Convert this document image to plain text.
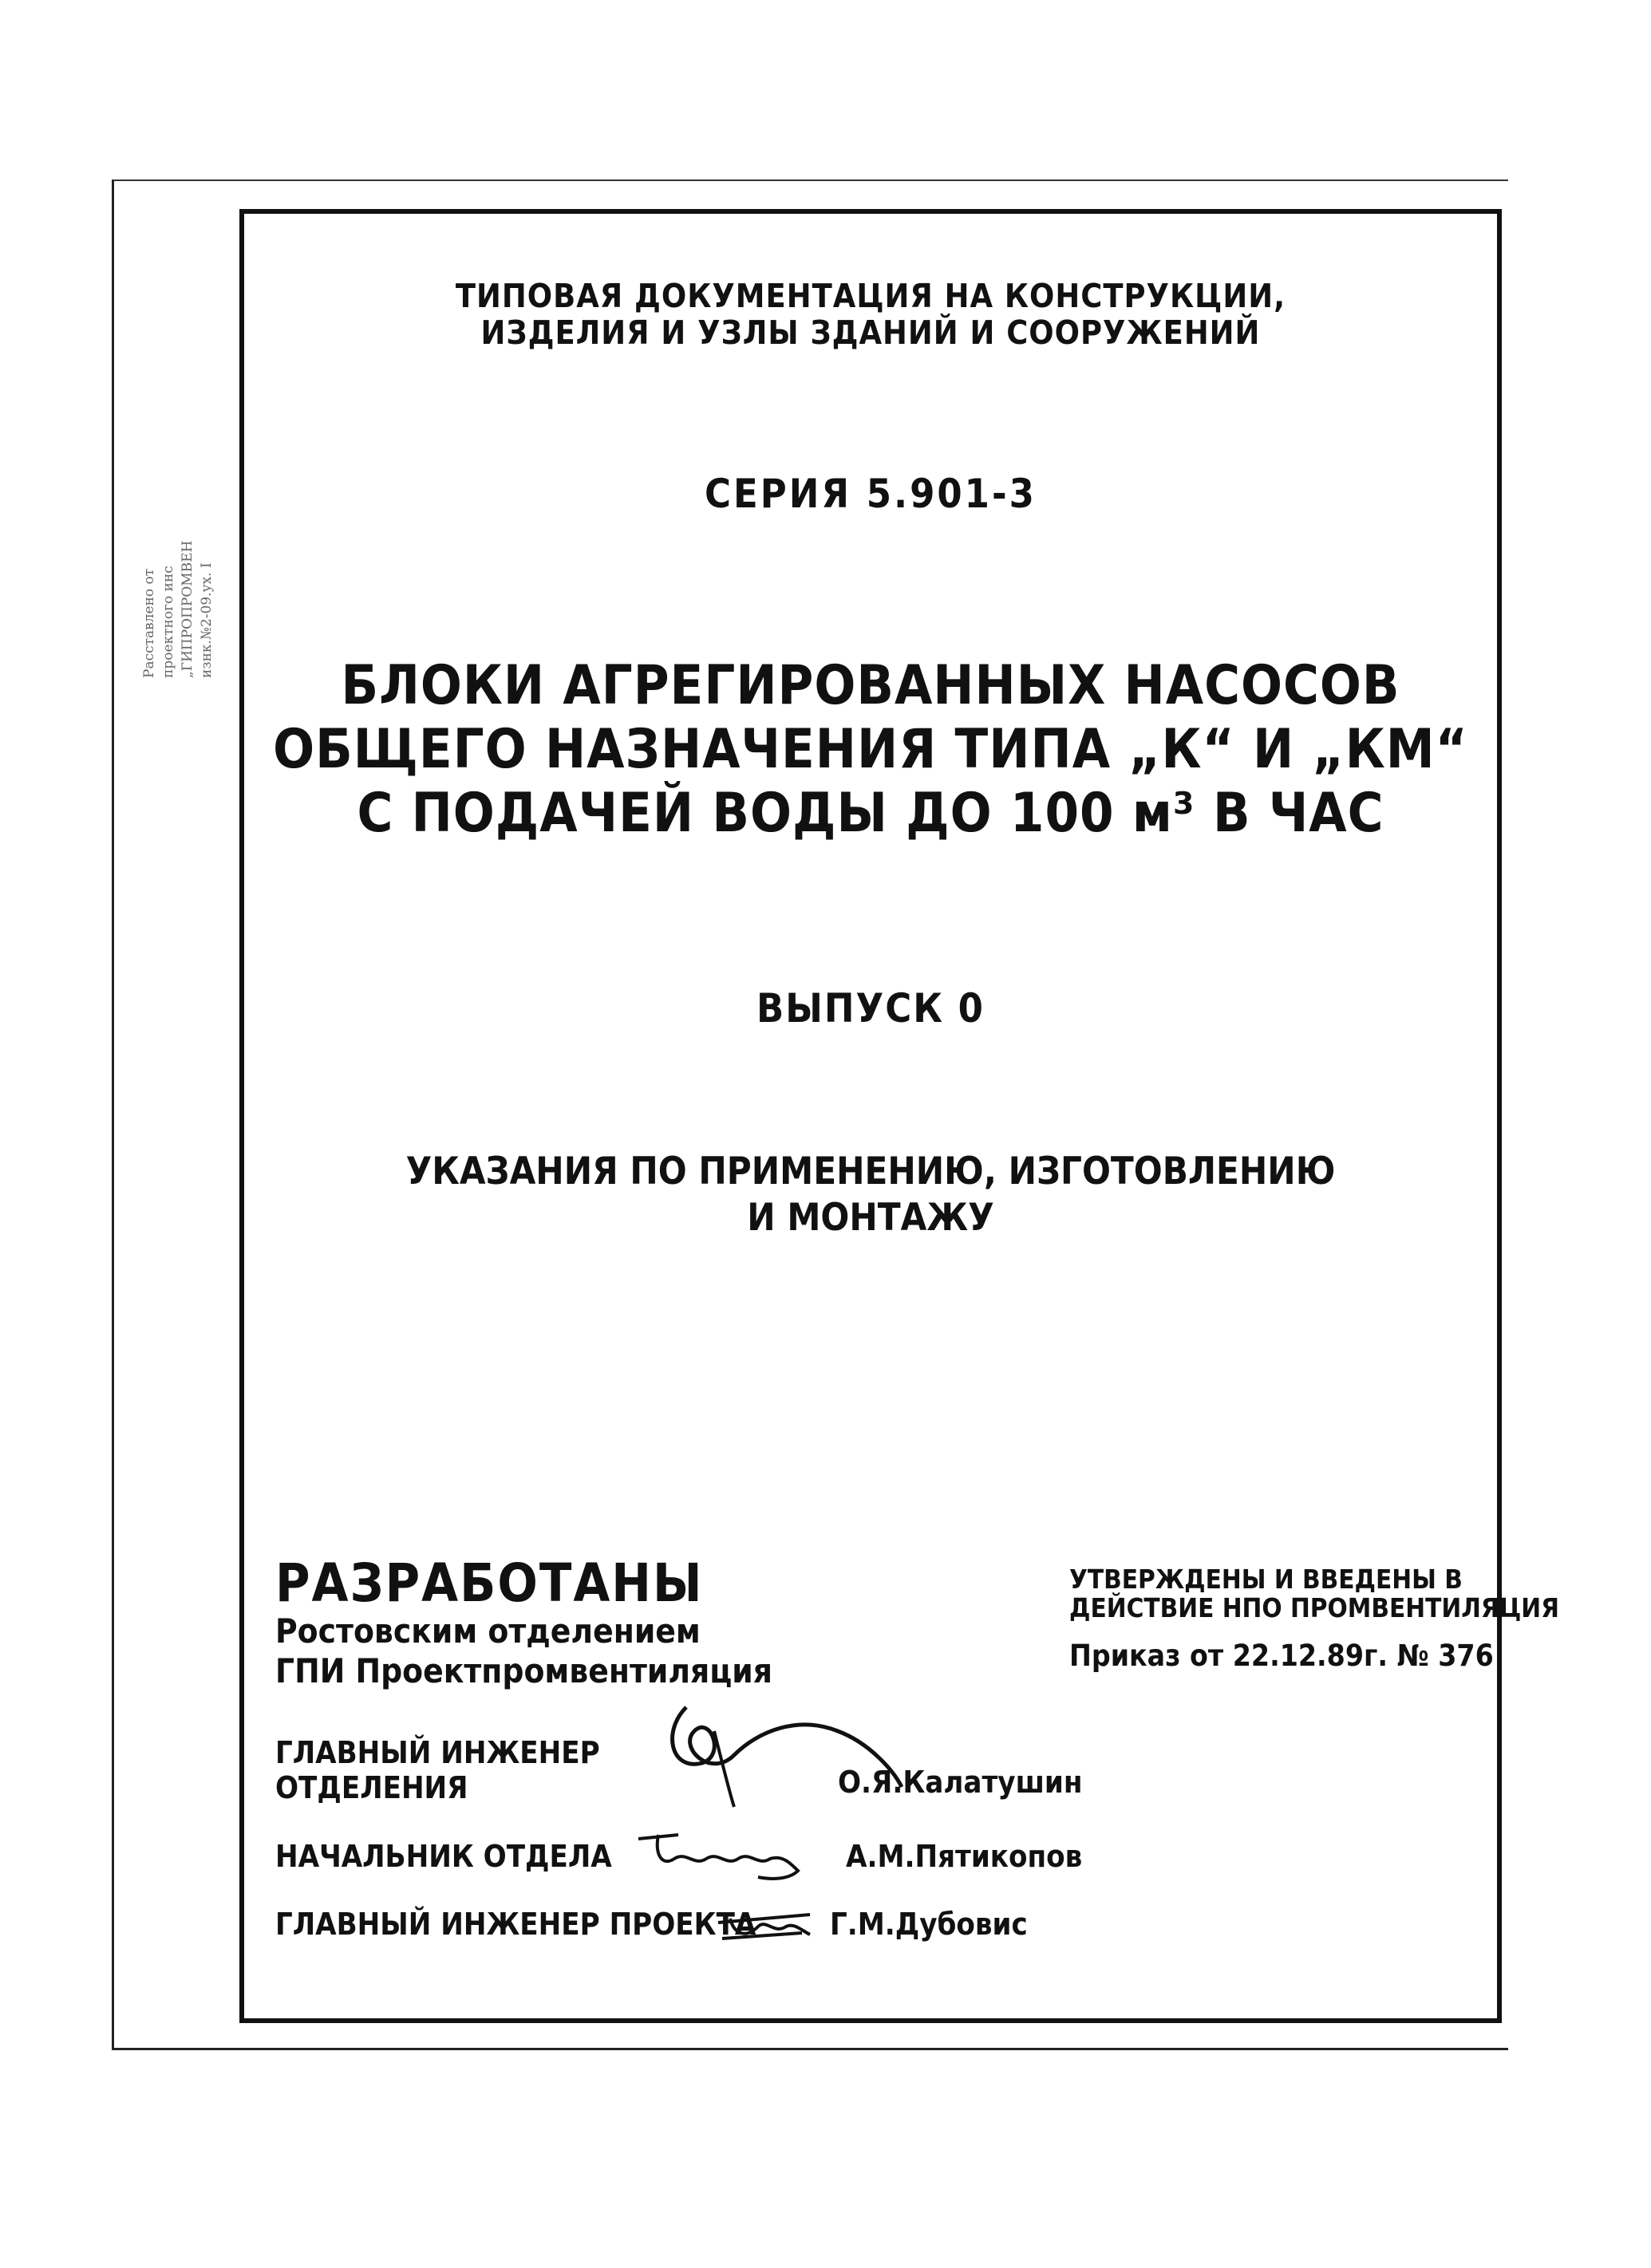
Расставлено от проектного инс „ГИПРОПРОМВЕН изнк.№2-09.ух. I
ТИПОВАЯ ДОКУМЕНТАЦИЯ НА КОНСТРУКЦИИ,
ИЗДЕЛИЯ И УЗЛЫ ЗДАНИЙ И СООРУЖЕНИЙ
СЕРИЯ 5.901-3
БЛОКИ АГРЕГИРОВАННЫХ НАСОСОВ
ОБЩЕГО НАЗНАЧЕНИЯ ТИПА „К“ И „КМ“
С ПОДАЧЕЙ ВОДЫ ДО 100 м³ В ЧАС
ВЫПУСК 0
УКАЗАНИЯ ПО ПРИМЕНЕНИЮ, ИЗГОТОВЛЕНИЮ
И МОНТАЖУ
РАЗРАБОТАНЫ
Ростовским отделением
ГПИ Проектпромвентиляция
УТВЕРЖДЕНЫ И ВВЕДЕНЫ В
ДЕЙСТВИЕ НПО ПРОМВЕНТИЛЯЦИЯ
Приказ от 22.12.89г. № 376
ГЛАВНЫЙ ИНЖЕНЕР
ОТДЕЛЕНИЯ	О.Я.Калатушин
НАЧАЛЬНИК ОТДЕЛА	А.М.Пятикопов
ГЛАВНЫЙ ИНЖЕНЕР ПРОЕКТА Г.М.Дубовис
